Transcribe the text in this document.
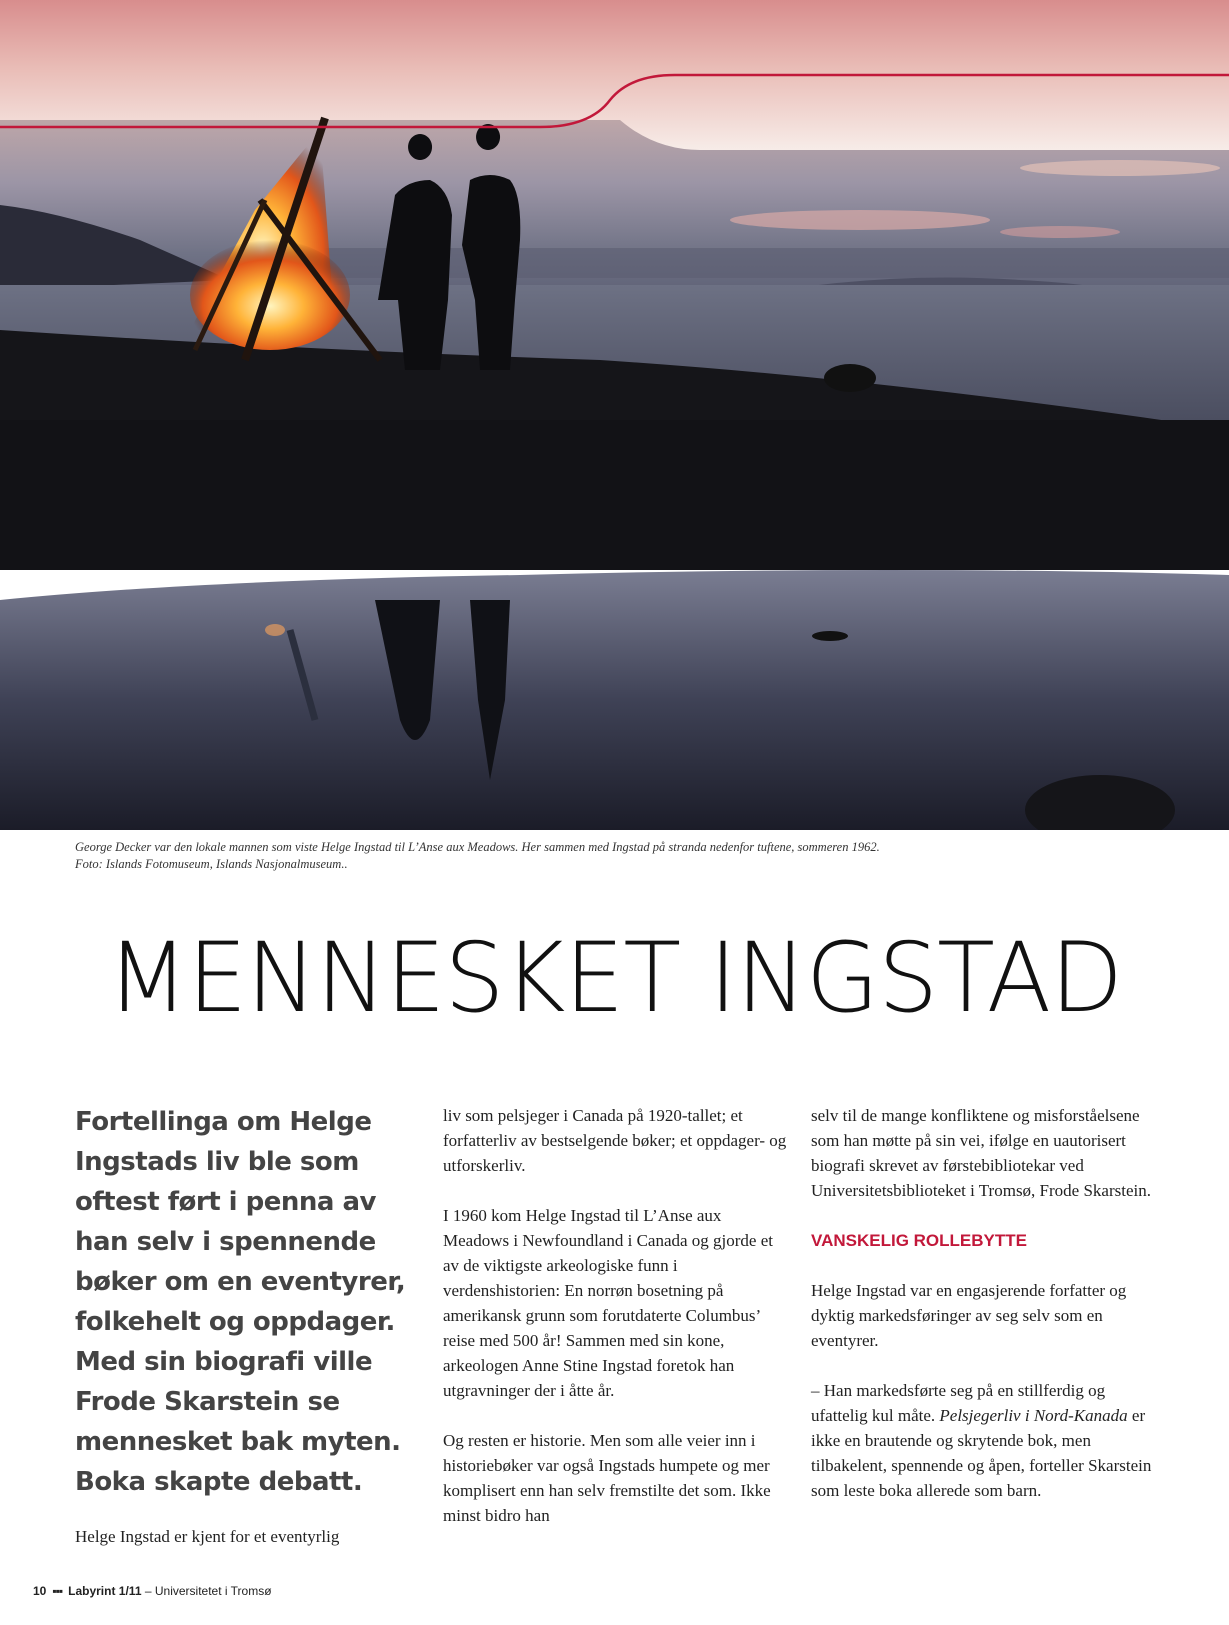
George Decker var den lokale mannen som viste Helge Ingstad til L’Anse aux Meadows. Her sammen med Ingstad på stranda nedenfor tuftene, sommeren 1962.

Foto: Islands Fotomuseum, Islands Nasjonalmuseum..

MENNESKET INGSTAD

Fortellinga om Helge Ingstads liv ble som oftest ført i penna av han selv i spennende bøker om en eventyrer, folkehelt og oppdager. Med sin biografi ville Frode Skarstein se mennesket bak myten. Boka skapte debatt.

Helge Ingstad er kjent for et eventyrlig

liv som pelsjeger i Canada på 1920-tallet; et forfatterliv av bestselgende bøker; et oppdager- og utforskerliv.

I 1960 kom Helge Ingstad til L’Anse aux Meadows i Newfoundland i Canada og gjorde et av de viktigste arkeologiske funn i verdenshistorien: En norrøn bosetning på amerikansk grunn som forutdaterte Columbus’ reise med 500 år! Sammen med sin kone, arkeologen Anne Stine Ingstad foretok han utgravninger der i åtte år.

Og resten er historie. Men som alle veier inn i historiebøker var også Ingstads humpete og mer komplisert enn han selv fremstilte det som. Ikke minst bidro han

selv til de mange konfliktene og misforståelsene som han møtte på sin vei, ifølge en uautorisert biografi skrevet av førstebibliotekar ved Universitetsbiblioteket i Tromsø, Frode Skarstein.

VANSKELIG ROLLEBYTTE

Helge Ingstad var en engasjerende forfatter og dyktig markedsføringer av seg selv som en eventyrer.

– Han markedsførte seg på en stillferdig og ufattelig kul måte. Pelsjegerliv i Nord-Kanada er ikke en brautende og skrytende bok, men tilbakelent, spennende og åpen, forteller Skarstein som leste boka allerede som barn.

10 ▪▪▪ Labyrint 1/11 – Universitetet i Tromsø
